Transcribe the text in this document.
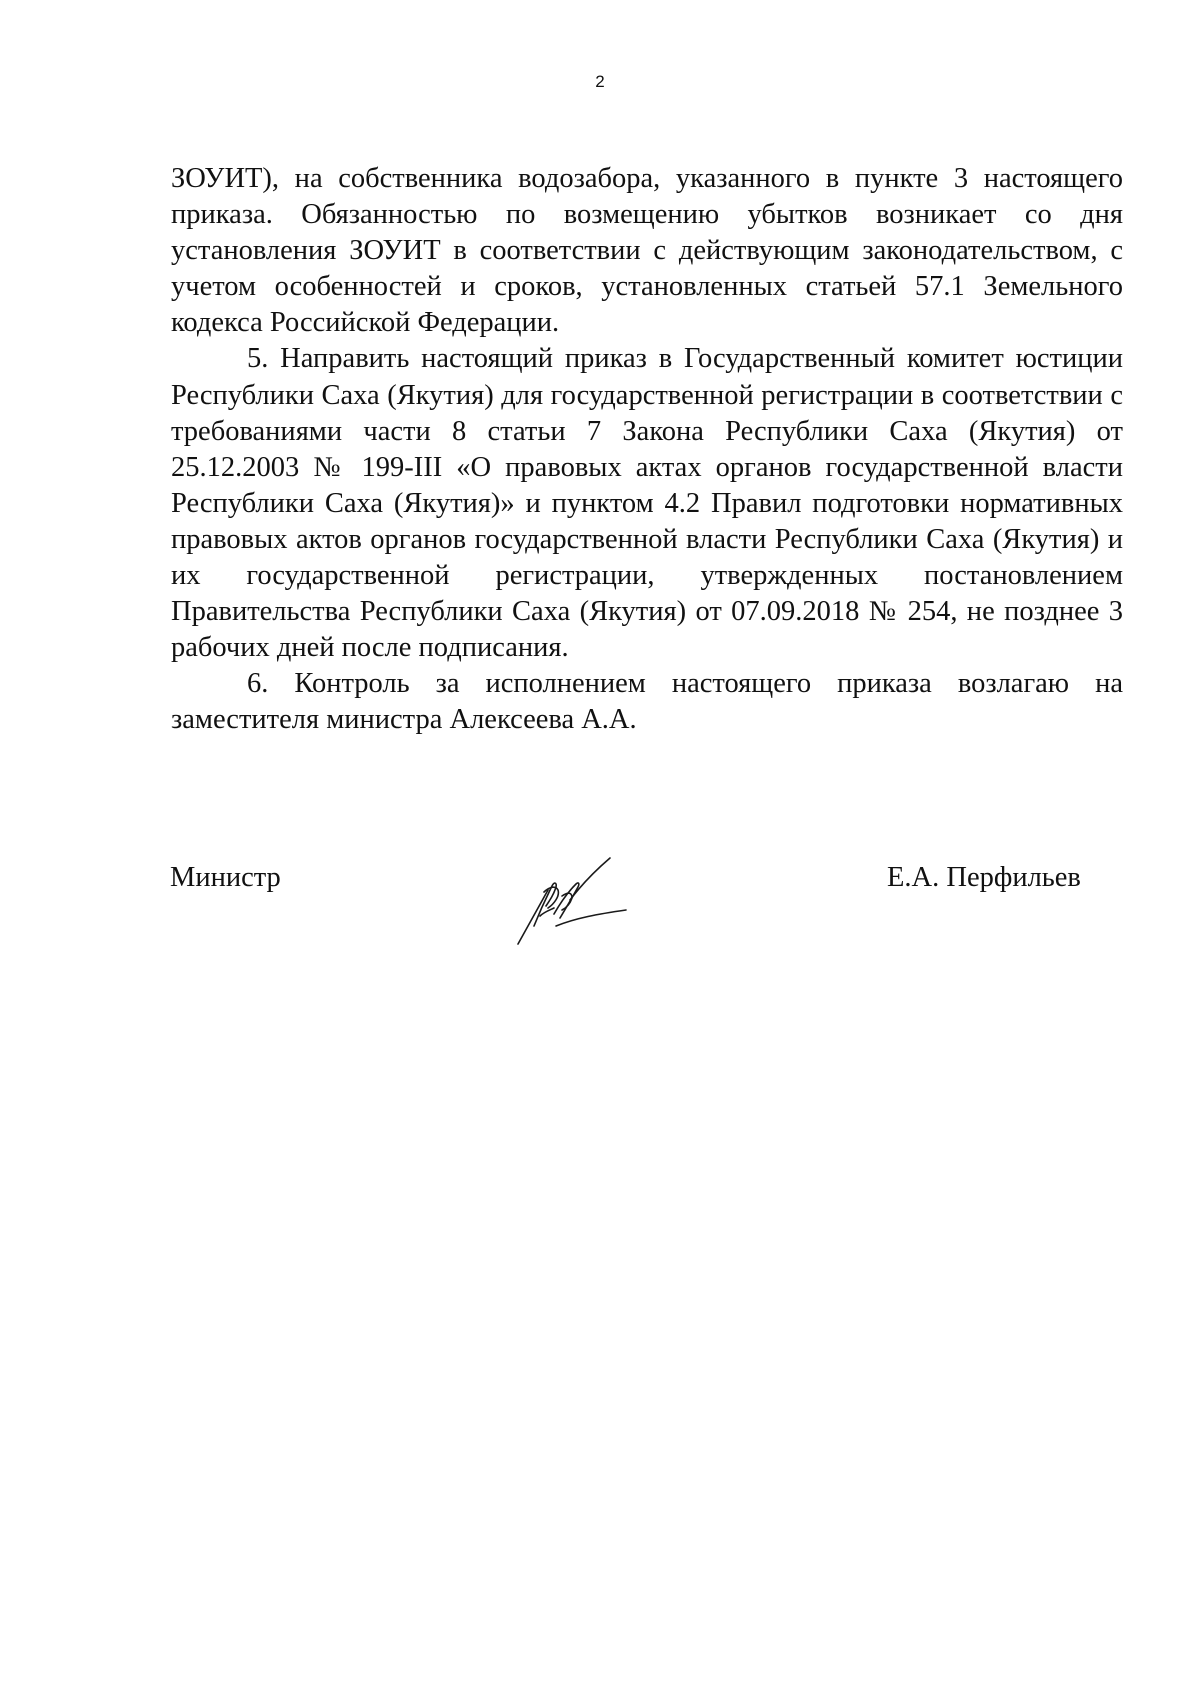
2

ЗОУИТ), на собственника водозабора, указанного в пункте 3 настоящего приказа. Обязанностью по возмещению убытков возникает со дня установления ЗОУИТ в соответствии с действующим законодательством, с учетом особенностей и сроков, установленных статьей 57.1 Земельного кодекса Российской Федерации.

5. Направить настоящий приказ в Государственный комитет юстиции Республики Саха (Якутия) для государственной регистрации в соответствии с требованиями части 8 статьи 7 Закона Республики Саха (Якутия) от 25.12.2003 № 199-III «О правовых актах органов государственной власти Республики Саха (Якутия)» и пунктом 4.2 Правил подготовки нормативных правовых актов органов государственной власти Республики Саха (Якутия) и их государственной регистрации, утвержденных постановлением Правительства Республики Саха (Якутия) от 07.09.2018 № 254, не позднее 3 рабочих дней после подписания.

6. Контроль за исполнением настоящего приказа возлагаю на заместителя министра Алексеева А.А.

Министр	Е.А. Перфильев
